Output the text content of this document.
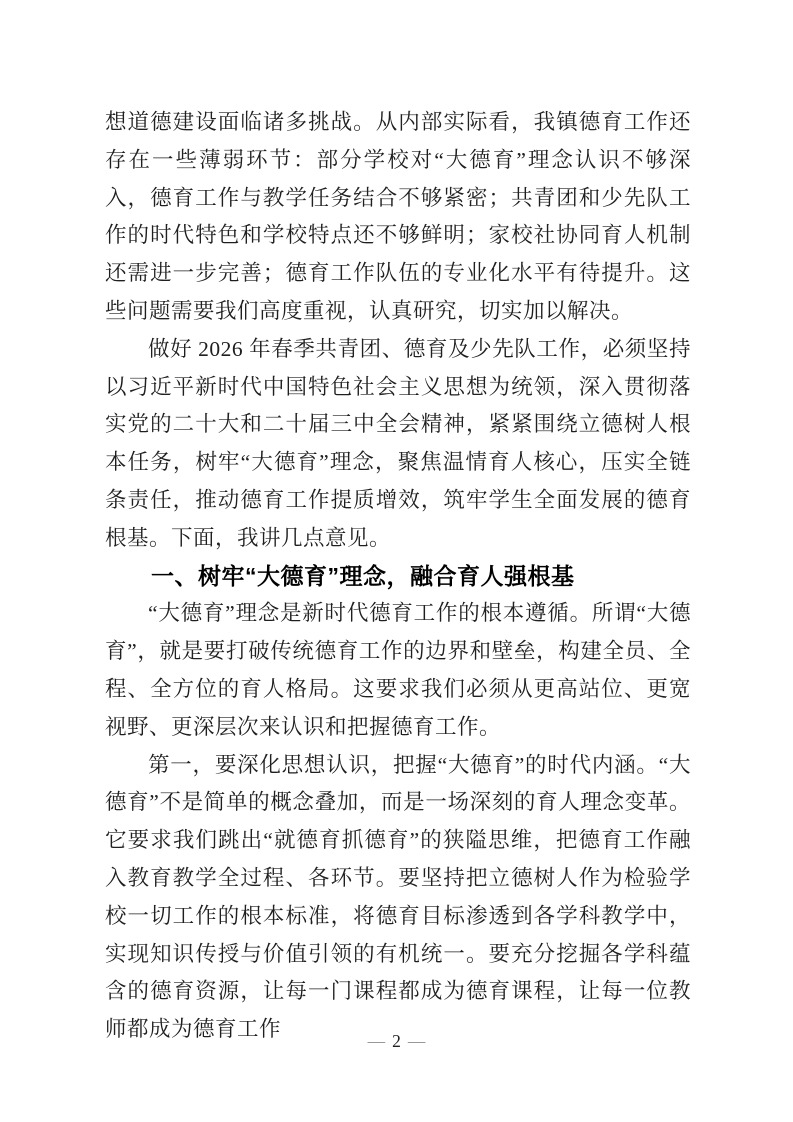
想道德建设面临诸多挑战。从内部实际看，我镇德育工作还存在一些薄弱环节：部分学校对“大德育”理念认识不够深入，德育工作与教学任务结合不够紧密；共青团和少先队工作的时代特色和学校特点还不够鲜明；家校社协同育人机制还需进一步完善；德育工作队伍的专业化水平有待提升。这些问题需要我们高度重视，认真研究，切实加以解决。

做好 2026 年春季共青团、德育及少先队工作，必须坚持以习近平新时代中国特色社会主义思想为统领，深入贯彻落实党的二十大和二十届三中全会精神，紧紧围绕立德树人根本任务，树牢“大德育”理念，聚焦温情育人核心，压实全链条责任，推动德育工作提质增效，筑牢学生全面发展的德育根基。下面，我讲几点意见。

一、树牢“大德育”理念，融合育人强根基

“大德育”理念是新时代德育工作的根本遵循。所谓“大德育”，就是要打破传统德育工作的边界和壁垒，构建全员、全程、全方位的育人格局。这要求我们必须从更高站位、更宽视野、更深层次来认识和把握德育工作。

第一，要深化思想认识，把握“大德育”的时代内涵。“大德育”不是简单的概念叠加，而是一场深刻的育人理念变革。它要求我们跳出“就德育抓德育”的狭隘思维，把德育工作融入教育教学全过程、各环节。要坚持把立德树人作为检验学校一切工作的根本标准，将德育目标渗透到各学科教学中，实现知识传授与价值引领的有机统一。要充分挖掘各学科蕴含的德育资源，让每一门课程都成为德育课程，让每一位教师都成为德育工作	— 2 —
